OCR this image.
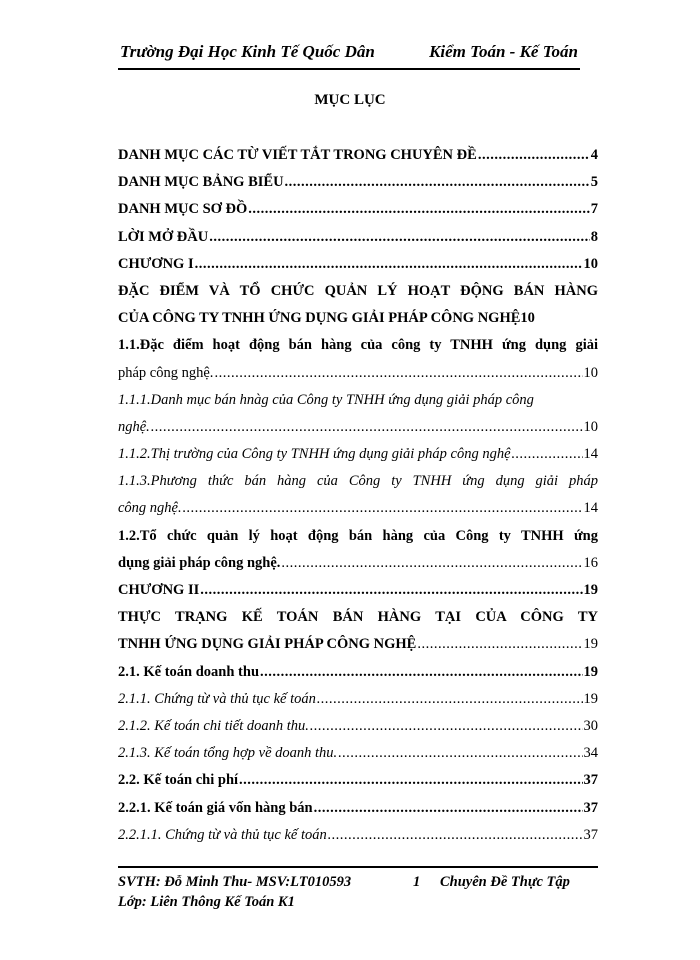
Trường Đại Học Kinh Tế Quốc Dân	Kiểm Toán - Kế Toán
MỤC LỤC
DANH MỤC CÁC TỪ VIẾT TẮT TRONG CHUYÊN ĐỀ .....	4
DANH MỤC BẢNG BIỂU .....	5
DANH MỤC SƠ ĐỒ .....	7
LỜI MỞ ĐẦU .....	8
CHƯƠNG I .....	10
ĐẶC ĐIỂM VÀ TỔ CHỨC QUẢN LÝ HOẠT ĐỘNG BÁN HÀNG
CỦA CÔNG TY TNHH ỨNG DỤNG GIẢI PHÁP CÔNG NGHỆ10
1.1.Đặc điểm hoạt động bán hàng của công ty TNHH ứng dụng giải
pháp công nghệ. .....	10
1.1.1.Danh mục bán hnàg của Công ty TNHH ứng dụng giải pháp công
nghệ. .....	10
1.1.2.Thị trường của Công ty TNHH ứng dụng giải pháp công nghệ .....	14
1.1.3.Phương thức bán hàng của Công ty TNHH ứng dụng giải pháp
công nghệ. .....	14
1.2.Tổ chức quản lý hoạt động bán hàng của Công ty TNHH ứng
dụng giải pháp công nghệ. .....	16
CHƯƠNG II .....	19
THỰC TRẠNG KẾ TOÁN BÁN HÀNG TẠI CỦA CÔNG TY
TNHH ỨNG DỤNG GIẢI PHÁP CÔNG NGHỆ .....	19
2.1. Kế toán doanh thu .....	19
2.1.1. Chứng từ và thủ tục kế toán .....	19
2.1.2. Kế toán chi tiết doanh thu. .....	30
2.1.3. Kế toán tổng hợp về doanh thu. .....	34
2.2. Kế toán chi phí .....	37
2.2.1. Kế toán giá vốn hàng bán .....	37
2.2.1.1. Chứng từ và thủ tục kế toán .....	37
SVTH: Đỗ Minh Thu- MSV:LT010593	1 Chuyên Đề Thực Tập
Lớp: Liên Thông Kế Toán K1
